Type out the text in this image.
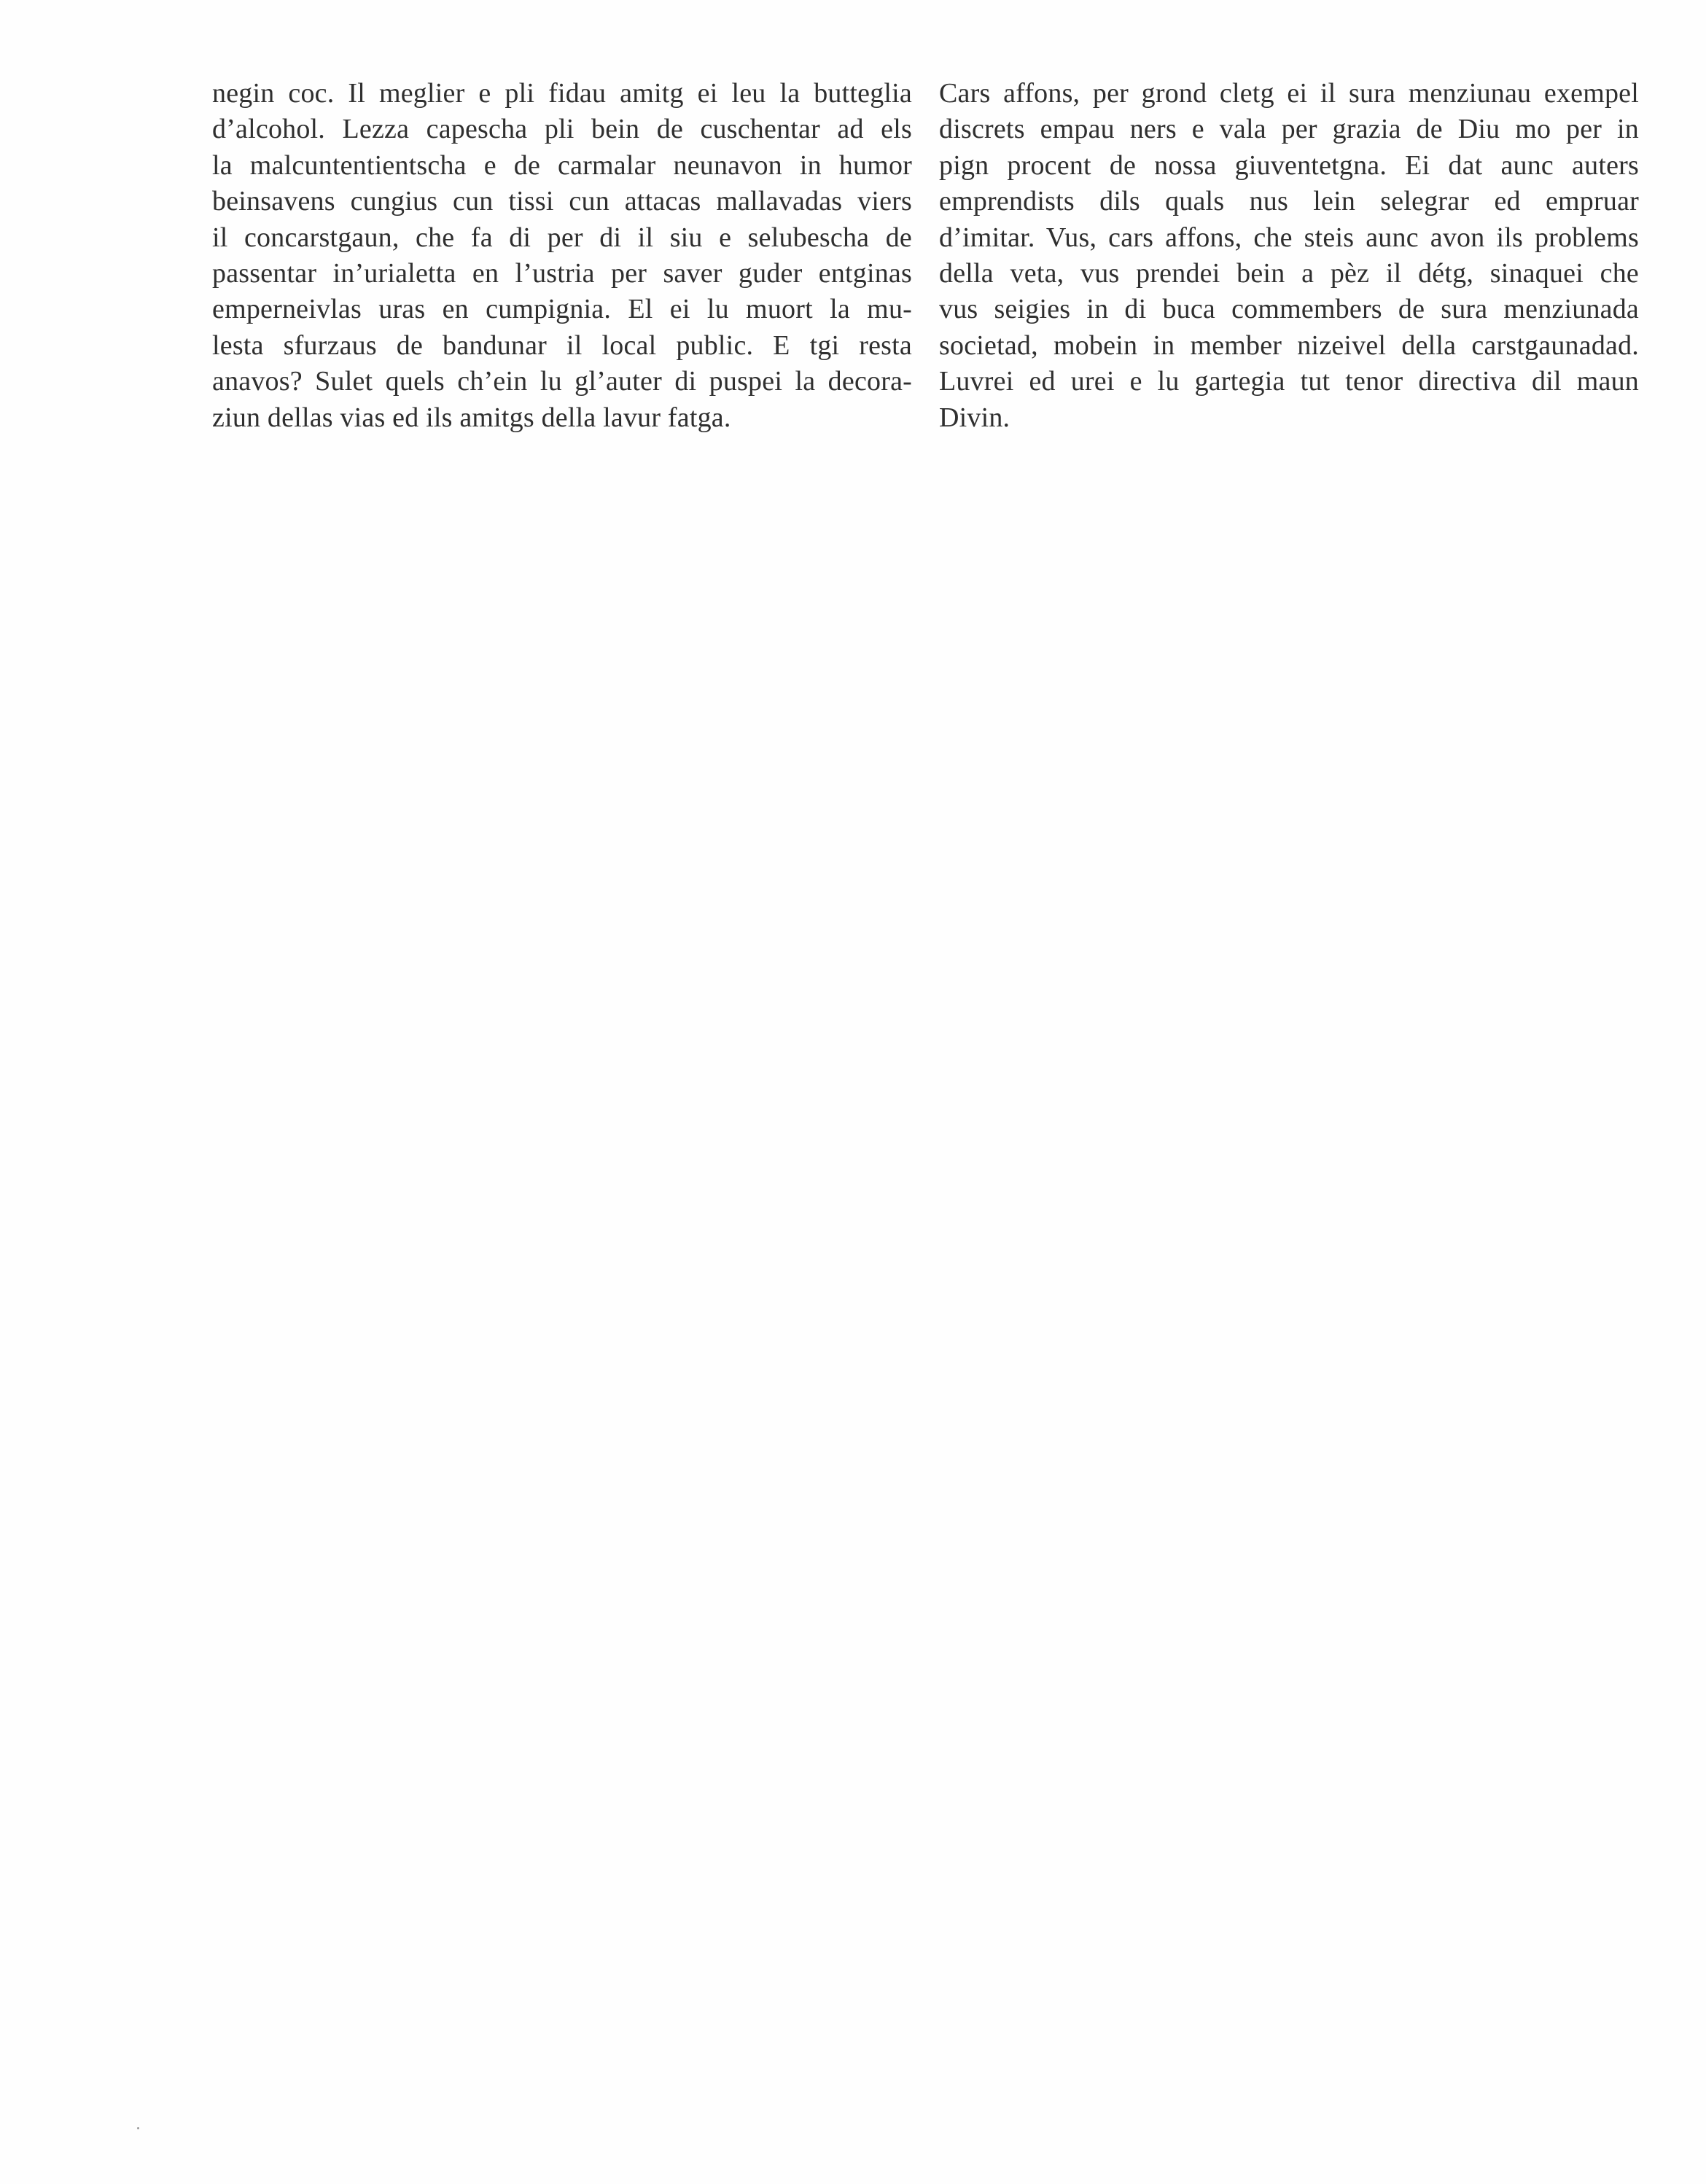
negin coc. Il meglier e pli fidau amitg ei leu la butteglia
d’alcohol. Lezza capescha pli bein de cuschentar ad els
la malcuntentientscha e de carmalar neunavon in humor
beinsavens cungius cun tissi cun attacas mallavadas viers
il concarstgaun, che fa di per di il siu e selubescha de
passentar in’urialetta en l’ustria per saver guder entginas
emperneivlas uras en cumpignia. El ei lu muort la mu-
lesta sfurzaus de bandunar il local public. E tgi resta
anavos? Sulet quels ch’ein lu gl’auter di puspei la decora-
ziun dellas vias ed ils amitgs della lavur fatga.
Cars affons, per grond cletg ei il sura menziunau exempel
discrets empau ners e vala per grazia de Diu mo per in
pign procent de nossa giuventetgna. Ei dat aunc auters
emprendists dils quals nus lein selegrar ed empruar
d’imitar. Vus, cars affons, che steis aunc avon ils problems
della veta, vus prendei bein a pèz il détg, sinaquei che
vus seigies in di buca commembers de sura menziunada
societad, mobein in member nizeivel della carstgaunadad.
Luvrei ed urei e lu gartegia tut tenor directiva dil maun
Divin.
